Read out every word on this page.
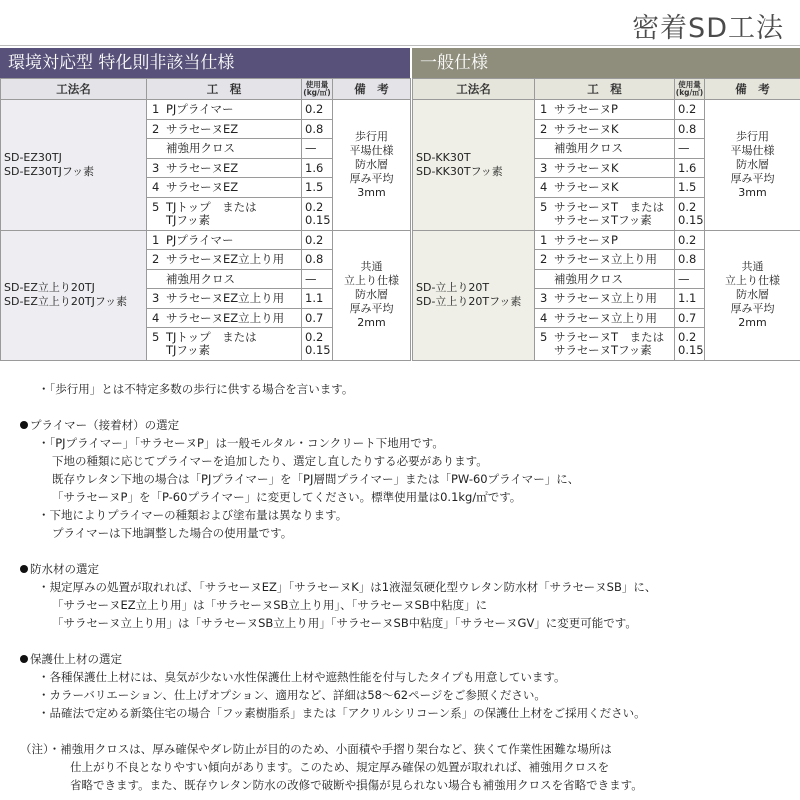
密着SD工法
環境対応型 特化則非該当仕様	一般仕様
工法名	工　程	使用量
(kg/㎡)	備　考
SD-EZ30TJ
SD-EZ30TJフッ素	1 PJプライマー	0.2	歩行用
平場仕様
防水層
厚み平均
3mm
	2 サラセーヌEZ	0.8	
	補強用クロス	—	
	3 サラセーヌEZ	1.6	
	4 サラセーヌEZ	1.5	
	5 TJトップ　または
TJフッ素	0.2
0.15	
SD-EZ立上り20TJ
SD-EZ立上り20TJフッ素	1 PJプライマー	0.2	共通
立上り仕様
防水層
厚み平均
2mm
	2 サラセーヌEZ立上り用	0.8	
	補強用クロス	—	
	3 サラセーヌEZ立上り用	1.1	
	4 サラセーヌEZ立上り用	0.7	
	5 TJトップ　または
TJフッ素	0.2
0.15	
工法名	工　程	使用量
(kg/㎡)	備　考
SD-KK30T
SD-KK30Tフッ素	1 サラセーヌP	0.2	歩行用
平場仕様
防水層
厚み平均
3mm
	2 サラセーヌK	0.8	
	補強用クロス	—	
	3 サラセーヌK	1.6	
	4 サラセーヌK	1.5	
	5 サラセーヌT　または
サラセーヌTフッ素	0.2
0.15	
SD-立上り20T
SD-立上り20Tフッ素	1 サラセーヌP	0.2	共通
立上り仕様
防水層
厚み平均
2mm
	2 サラセーヌ立上り用	0.8	
	補強用クロス	—	
	3 サラセーヌ立上り用	1.1	
	4 サラセーヌ立上り用	0.7	
	5 サラセーヌT　または
サラセーヌTフッ素	0.2
0.15	
・「歩行用」とは不特定多数の歩行に供する場合を言います。
プライマー（接着材）の選定
・「PJプライマー」「サラセーヌP」は一般モルタル・コンクリート下地用です。
下地の種類に応じてプライマーを追加したり、選定し直したりする必要があります。
既存ウレタン下地の場合は「PJプライマー」を「PJ層間プライマー」または「PW-60プライマー」に、
「サラセーヌP」を「P-60プライマー」に変更してください。標準使用量は0.1kg/㎡です。
・下地によりプライマーの種類および塗布量は異なります。
プライマーは下地調整した場合の使用量です。
防水材の選定
・規定厚みの処置が取れれば、「サラセーヌEZ」「サラセーヌK」は1液湿気硬化型ウレタン防水材「サラセーヌSB」に、
「サラセーヌEZ立上り用」は「サラセーヌSB立上り用」、「サラセーヌSB中粘度」に
「サラセーヌ立上り用」は「サラセーヌSB立上り用」「サラセーヌSB中粘度」「サラセーヌGV」に変更可能です。
保護仕上材の選定
・各種保護仕上材には、臭気が少ない水性保護仕上材や遮熱性能を付与したタイプも用意しています。
・カラーバリエーション、仕上げオプション、適用など、詳細は58〜62ページをご参照ください。
・品確法で定める新築住宅の場合「フッ素樹脂系」または「アクリルシリコーン系」の保護仕上材をご採用ください。
（注）・補強用クロスは、厚み確保やダレ防止が目的のため、小面積や手摺り架台など、狭くて作業性困難な場所は
仕上がり不良となりやすい傾向があります。このため、規定厚み確保の処置が取れれば、補強用クロスを
省略できます。また、既存ウレタン防水の改修で破断や損傷が見られない場合も補強用クロスを省略できます。
